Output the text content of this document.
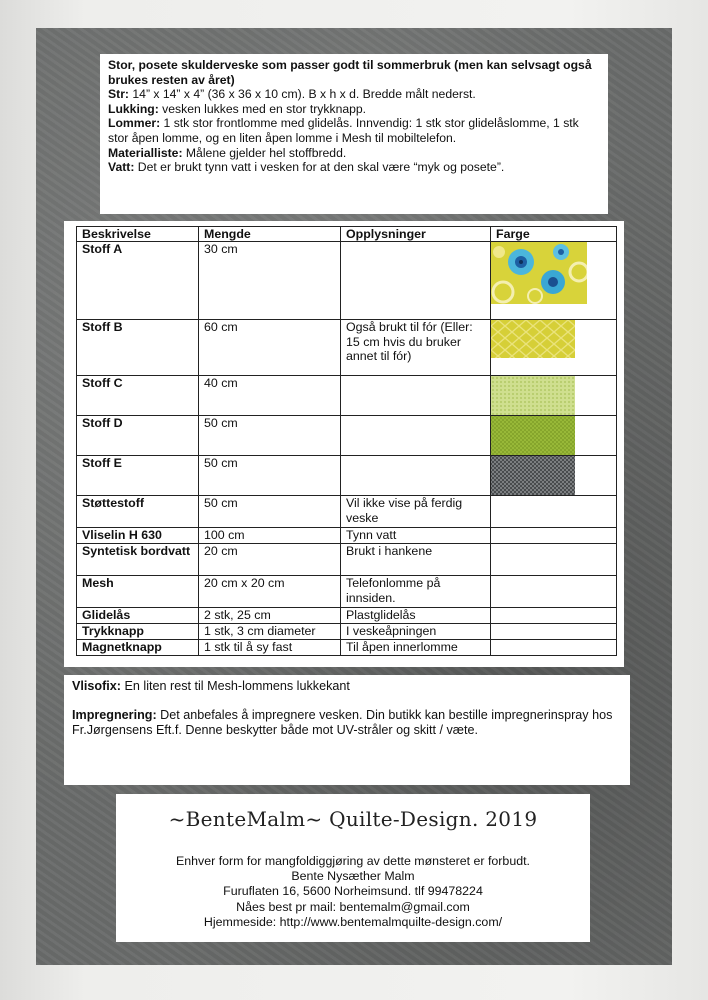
Stor, posete skulderveske som passer godt til sommerbruk (men kan selvsagt også brukes resten av året)

Str: 14” x 14” x 4” (36 x 36 x 10 cm). B x h x d. Bredde målt nederst.

Lukking: vesken lukkes med en stor trykknapp.

Lommer: 1 stk stor frontlomme med glidelås. Innvendig: 1 stk stor glidelåslomme, 1 stk stor åpen lomme, og en liten åpen lomme i Mesh til mobiltelefon.

Materialliste: Målene gjelder hel stoffbredd.

Vatt: Det er brukt tynn vatt i vesken for at den skal være “myk og posete”.

Beskrivelse	Mengde	Opplysninger	Farge
Stoff A	30 cm		

Stoff B	60 cm	Også brukt til fór (Eller: 15 cm hvis du bruker annet til fór)	

Stoff C	40 cm		

Stoff D	50 cm		

Stoff E	50 cm		

Støttestoff	50 cm	Vil ikke vise på ferdig veske	
Vliselin H 630	100 cm	Tynn vatt	
Syntetisk bordvatt	20 cm	Brukt i hankene	
Mesh	20 cm x 20 cm	Telefonlomme på innsiden.	
Glidelås	2 stk, 25 cm	Plastglidelås	
Trykknapp	1 stk, 3 cm diameter	I veskeåpningen	
Magnetknapp	1 stk til å sy fast	Til åpen innerlomme	

Vlisofix: En liten rest til Mesh-lommens lukkekant

Impregnering: Det anbefales å impregnere vesken. Din butikk kan bestille impregnerinspray hos Fr.Jørgensens Eft.f. Denne beskytter både mot UV-stråler og skitt / væte.

~BenteMalm~ Quilte-Design. 2019
Enhver form for mangfoldiggjøring av dette mønsteret er forbudt.
Bente Nysæther Malm
Furuflaten 16, 5600 Norheimsund. tlf 99478224
Nåes best pr mail: bentemalm@gmail.com
Hjemmeside: http://www.bentemalmquilte-design.com/
